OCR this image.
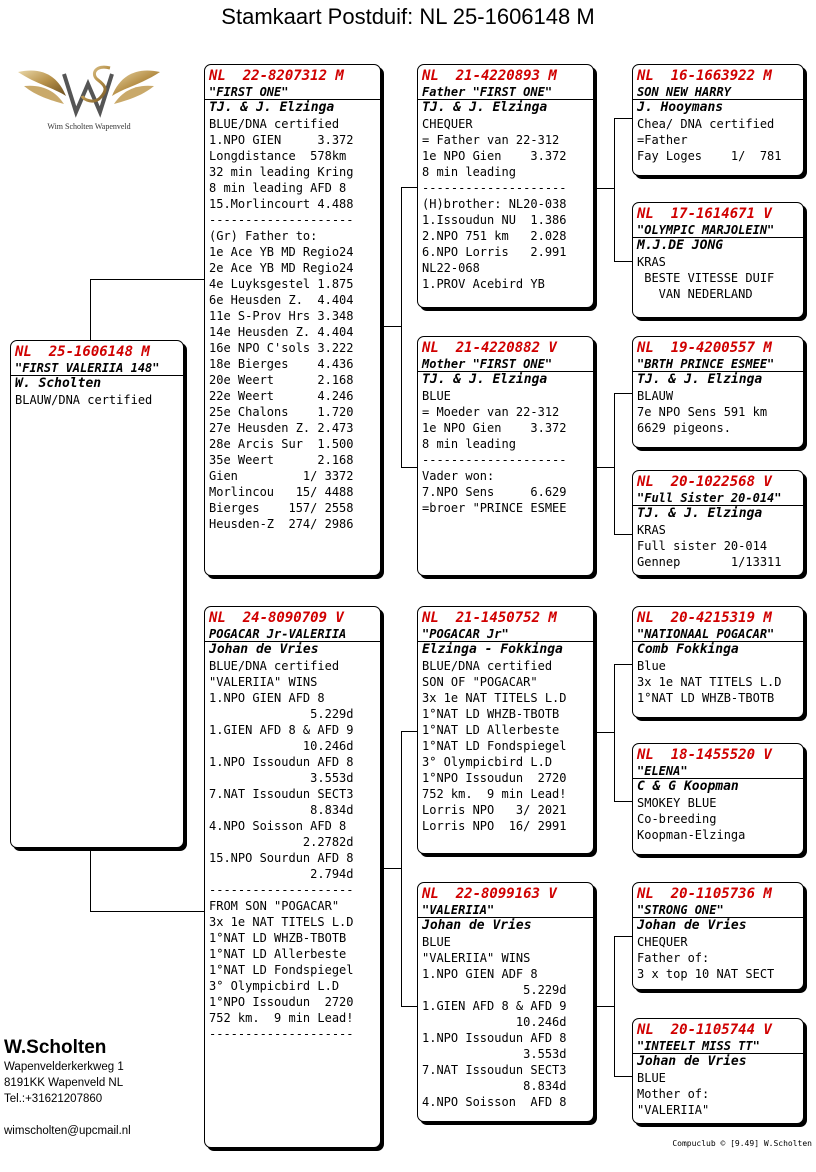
Stamkaart Postduif: NL 25-1606148 M
Wim Scholten Wapenveld
NL  25-1606148 M
"FIRST VALERIIA 148"
W. Scholten
BLAUW/DNA certified
NL  22-8207312 M
"FIRST ONE"
TJ. & J. Elzinga
BLUE/DNA certified
1.NPO GIEN     3.372
Longdistance  578km
32 min leading Kring
8 min leading AFD 8
15.Morlincourt 4.488
--------------------
(Gr) Father to:
1e Ace YB MD Regio24
2e Ace YB MD Regio24
4e Luyksgestel 1.875
6e Heusden Z.  4.404
11e S-Prov Hrs 3.348
14e Heusden Z. 4.404
16e NPO C'sols 3.222
18e Bierges    4.436
20e Weert      2.168
22e Weert      4.246
25e Chalons    1.720
27e Heusden Z. 2.473
28e Arcis Sur  1.500
35e Weert      2.168
Gien         1/ 3372
Morlincou   15/ 4488
Bierges    157/ 2558
Heusden-Z  274/ 2986
NL  24-8090709 V
POGACAR Jr-VALERIIA
Johan de Vries
BLUE/DNA certified
"VALERIIA" WINS
1.NPO GIEN AFD 8
5.229d
1.GIEN AFD 8 & AFD 9
10.246d
1.NPO Issoudun AFD 8
3.553d
7.NAT Issoudun SECT3
8.834d
4.NPO Soisson AFD 8
2.2782d
15.NPO Sourdun AFD 8
2.794d
--------------------
FROM SON "POGACAR"
3x 1e NAT TITELS L.D
1°NAT LD WHZB-TBOTB
1°NAT LD Allerbeste
1°NAT LD Fondspiegel
3° Olympicbird L.D
1°NPO Issoudun  2720
752 km.  9 min Lead!
--------------------
NL  21-4220893 M
Father "FIRST ONE"
TJ. & J. Elzinga
CHEQUER
= Father van 22-312
1e NPO Gien    3.372
8 min leading
--------------------
(H)brother: NL20-038
1.Issoudun NU  1.386
2.NPO 751 km   2.028
6.NPO Lorris   2.991
NL22-068
1.PROV Acebird YB
NL  21-4220882 V
Mother "FIRST ONE"
TJ. & J. Elzinga
BLUE
= Moeder van 22-312
1e NPO Gien    3.372
8 min leading
--------------------
Vader won:
7.NPO Sens     6.629
=broer "PRINCE ESMEE
NL  21-1450752 M
"POGACAR Jr"
Elzinga - Fokkinga
BLUE/DNA certified
SON OF "POGACAR"
3x 1e NAT TITELS L.D
1°NAT LD WHZB-TBOTB
1°NAT LD Allerbeste
1°NAT LD Fondspiegel
3° Olympicbird L.D
1°NPO Issoudun  2720
752 km.  9 min Lead!
Lorris NPO   3/ 2021
Lorris NPO  16/ 2991
NL  22-8099163 V
"VALERIIA"
Johan de Vries
BLUE
"VALERIIA" WINS
1.NPO GIEN ADF 8
5.229d
1.GIEN AFD 8 & AFD 9
10.246d
1.NPO Issoudun AFD 8
3.553d
7.NAT Issoudun SECT3
8.834d
4.NPO Soisson  AFD 8
NL  16-1663922 M
SON NEW HARRY
J. Hooymans
Chea/ DNA certified
=Father
Fay Loges    1/  781
NL  17-1614671 V
"OLYMPIC MARJOLEIN"
M.J.DE JONG
KRAS
BESTE VITESSE DUIF
VAN NEDERLAND
NL  19-4200557 M
"BRTH PRINCE ESMEE"
TJ. & J. Elzinga
BLAUW
7e NPO Sens 591 km
6629 pigeons.
NL  20-1022568 V
"Full Sister 20-014"
TJ. & J. Elzinga
KRAS
Full sister 20-014
Gennep       1/13311
NL  20-4215319 M
"NATIONAAL POGACAR"
Comb Fokkinga
Blue
3x 1e NAT TITELS L.D
1°NAT LD WHZB-TBOTB
NL  18-1455520 V
"ELENA"
C & G Koopman
SMOKEY BLUE
Co-breeding
Koopman-Elzinga
NL  20-1105736 M
"STRONG ONE"
Johan de Vries
CHEQUER
Father of:
3 x top 10 NAT SECT
NL  20-1105744 V
"INTEELT MISS TT"
Johan de Vries
BLUE
Mother of:
"VALERIIA"
W.Scholten
Wapenvelderkerkweg 1
8191KK Wapenveld NL
Tel.:+31621207860
wimscholten@upcmail.nl
Compuclub © [9.49] W.Scholten
